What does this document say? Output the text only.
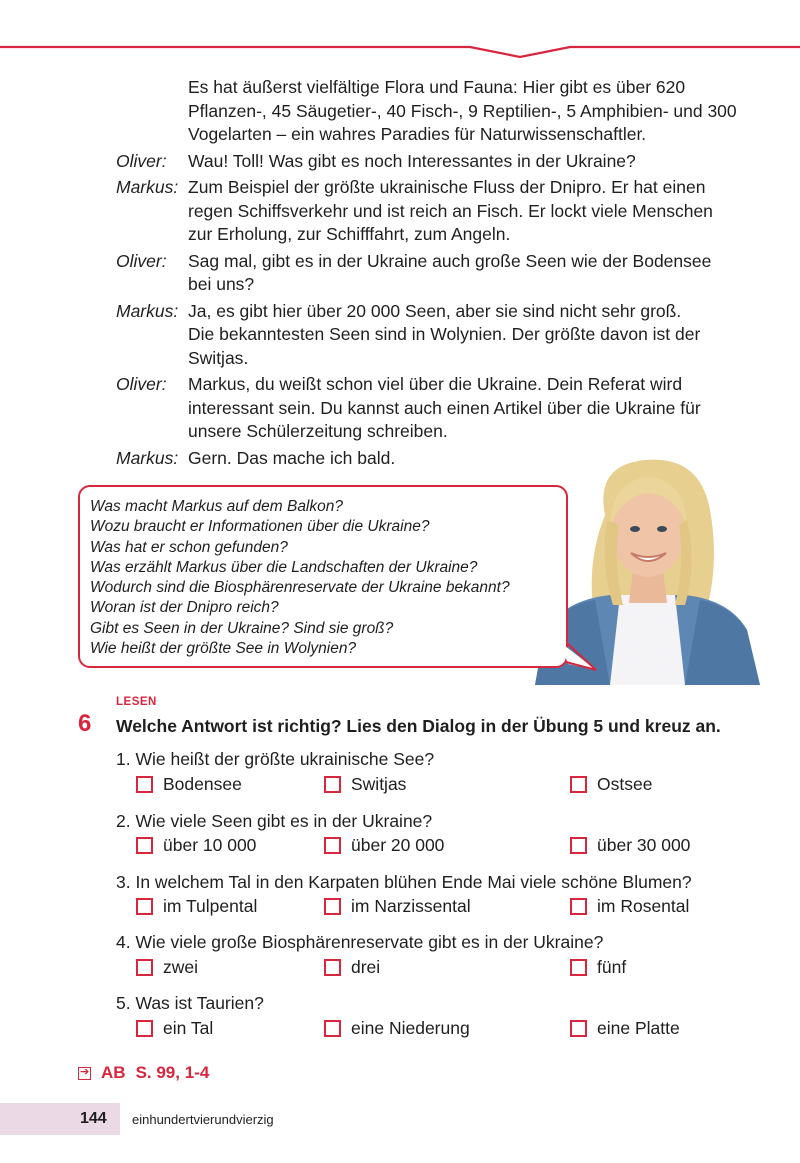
Es hat äußerst vielfältige Flora und Fauna: Hier gibt es über 620
Pflanzen-, 45 Säugetier-, 40 Fisch-, 9 Reptilien-, 5 Amphibien- und 300
Vogelarten – ein wahres Paradies für Naturwissenschaftler.
Oliver:	Wau! Toll! Was gibt es noch Interessantes in der Ukraine?
Markus: Zum Beispiel der größte ukrainische Fluss der Dnipro. Er hat einen
regen Schiffsverkehr und ist reich an Fisch. Er lockt viele Menschen
zur Erholung, zur Schifffahrt, zum Angeln.
Oliver:	Sag mal, gibt es in der Ukraine auch große Seen wie der Bodensee
bei uns?
Markus: Ja, es gibt hier über 20 000 Seen, aber sie sind nicht sehr groß.
Die bekanntesten Seen sind in Wolynien. Der größte davon ist der
Switjas.
Oliver:	Markus, du weißt schon viel über die Ukraine. Dein Referat wird
interessant sein. Du kannst auch einen Artikel über die Ukraine für
unsere Schülerzeitung schreiben.
Markus: Gern. Das mache ich bald.
Was macht Markus auf dem Balkon?
Wozu braucht er Informationen über die Ukraine?
Was hat er schon gefunden?
Was erzählt Markus über die Landschaften der Ukraine?
Wodurch sind die Biosphärenreservate der Ukraine bekannt?
Woran ist der Dnipro reich?
Gibt es Seen in der Ukraine? Sind sie groß?
Wie heißt der größte See in Wolynien?
LESEN
6 Welche Antwort ist richtig? Lies den Dialog in der Übung 5 und kreuz an.
1. Wie heißt der größte ukrainische See?
Bodensee	Switjas	Ostsee
2. Wie viele Seen gibt es in der Ukraine?
über 10 000	über 20 000	über 30 000
3. In welchem Tal in den Karpaten blühen Ende Mai viele schöne Blumen?
im Tulpental	im Narzissental	im Rosental
4. Wie viele große Biosphärenreservate gibt es in der Ukraine?
zwei	drei	fünf
5. Was ist Taurien?
ein Tal	eine Niederung	eine Platte
➔ AB S. 99, 1-4
144 einhundertvierundvierzig
